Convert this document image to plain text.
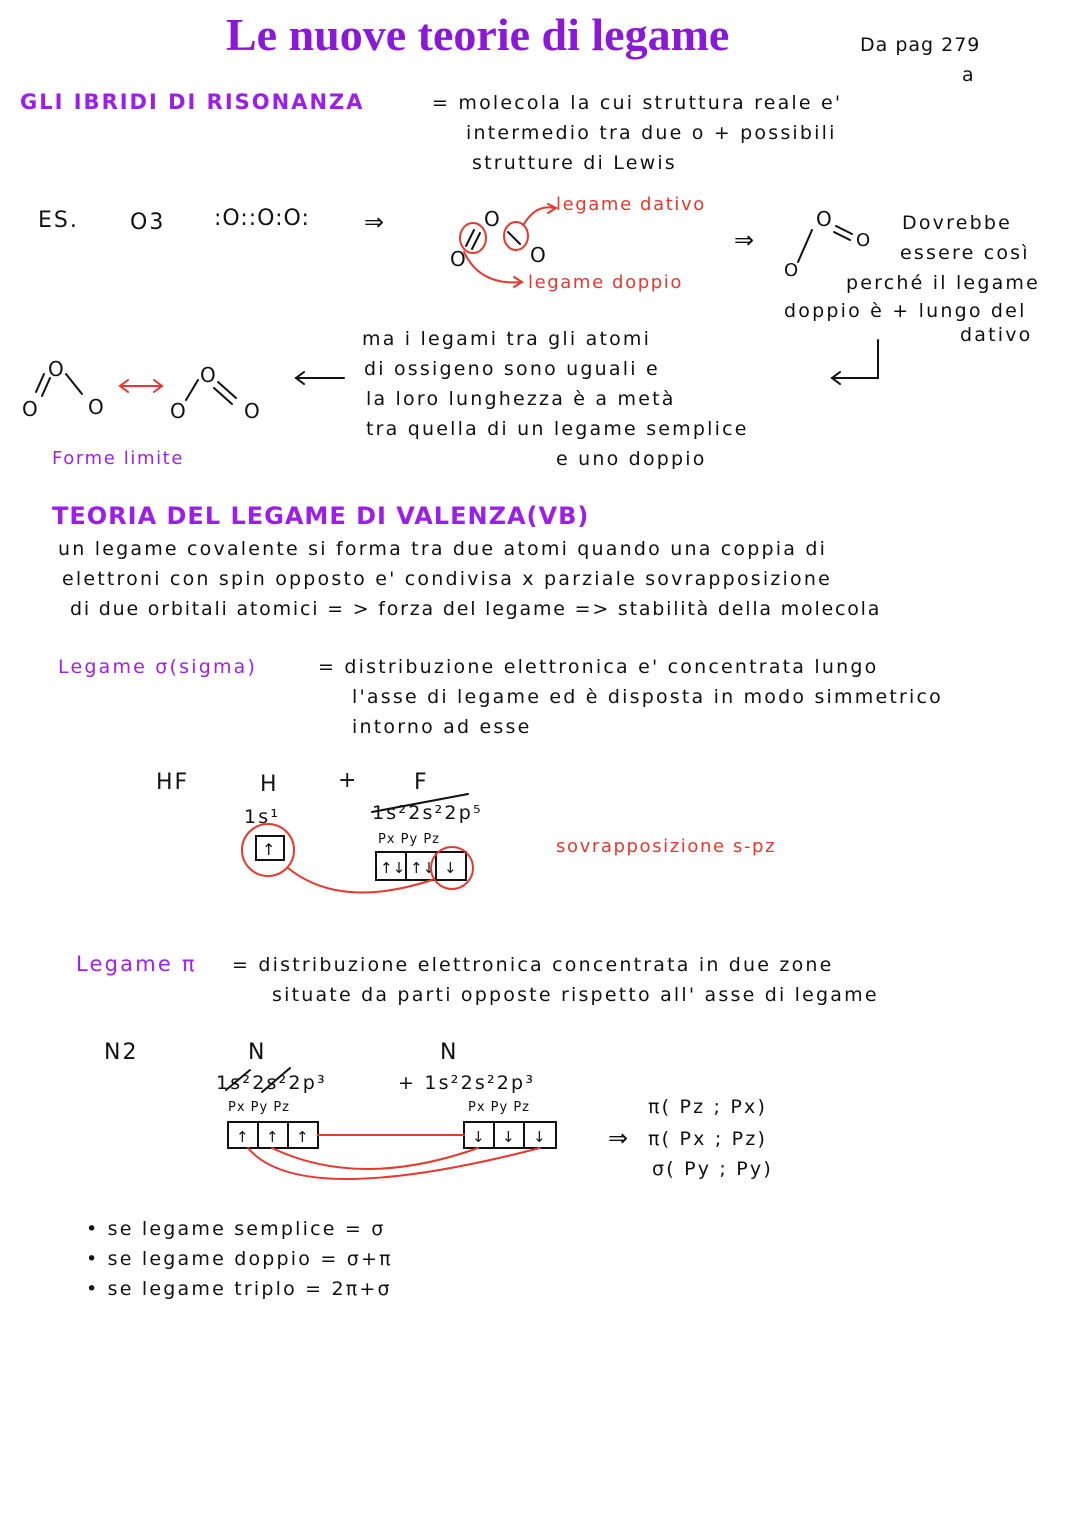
Le nuove teorie di legame	Da pag 279
a
GLI IBRIDI DI RISONANZA	= molecola la cui struttura reale e'
intermedio tra due o + possibili
strutture di Lewis
ES. O3 :O::O:O: ⇒
legame dativo
legame doppio
⇒
Dovrebbe
essere così
perché il legame
doppio è + lungo del
dativo
ma i legami tra gli atomi
di ossigeno sono uguali e
la loro lunghezza è a metà
tra quella di un legame semplice
e uno doppio
Forme limite
TEORIA DEL LEGAME DI VALENZA(VB)
un legame covalente si forma tra due atomi quando una coppia di
elettroni con spin opposto e' condivisa x parziale sovrapposizione
di due orbitali atomici = > forza del legame => stabilità della molecola
Legame σ(sigma)	= distribuzione elettronica e' concentrata lungo
l'asse di legame ed è disposta in modo simmetrico
intorno ad esse
HF	H	+	F
1s¹	1s²2s²2p⁵
Px Py Pz	sovrapposizione s-pz
Legame π = distribuzione elettronica concentrata in due zone
situate da parti opposte rispetto all' asse di legame
N2	N	N
1s²2s²2p³	+ 1s²2s²2p³
Px Py Pz	Px Py Pz
⇒
π( Pz ; Px)
π( Px ; Pz)
σ( Py ; Py)
• se legame semplice = σ
• se legame doppio = σ+π
• se legame triplo = 2π+σ
O
O	O
O
O
O
O
O	O
O
O	O
↑
↑↓ ↑↓ ↓
↑ ↑ ↑	↓ ↓ ↓
